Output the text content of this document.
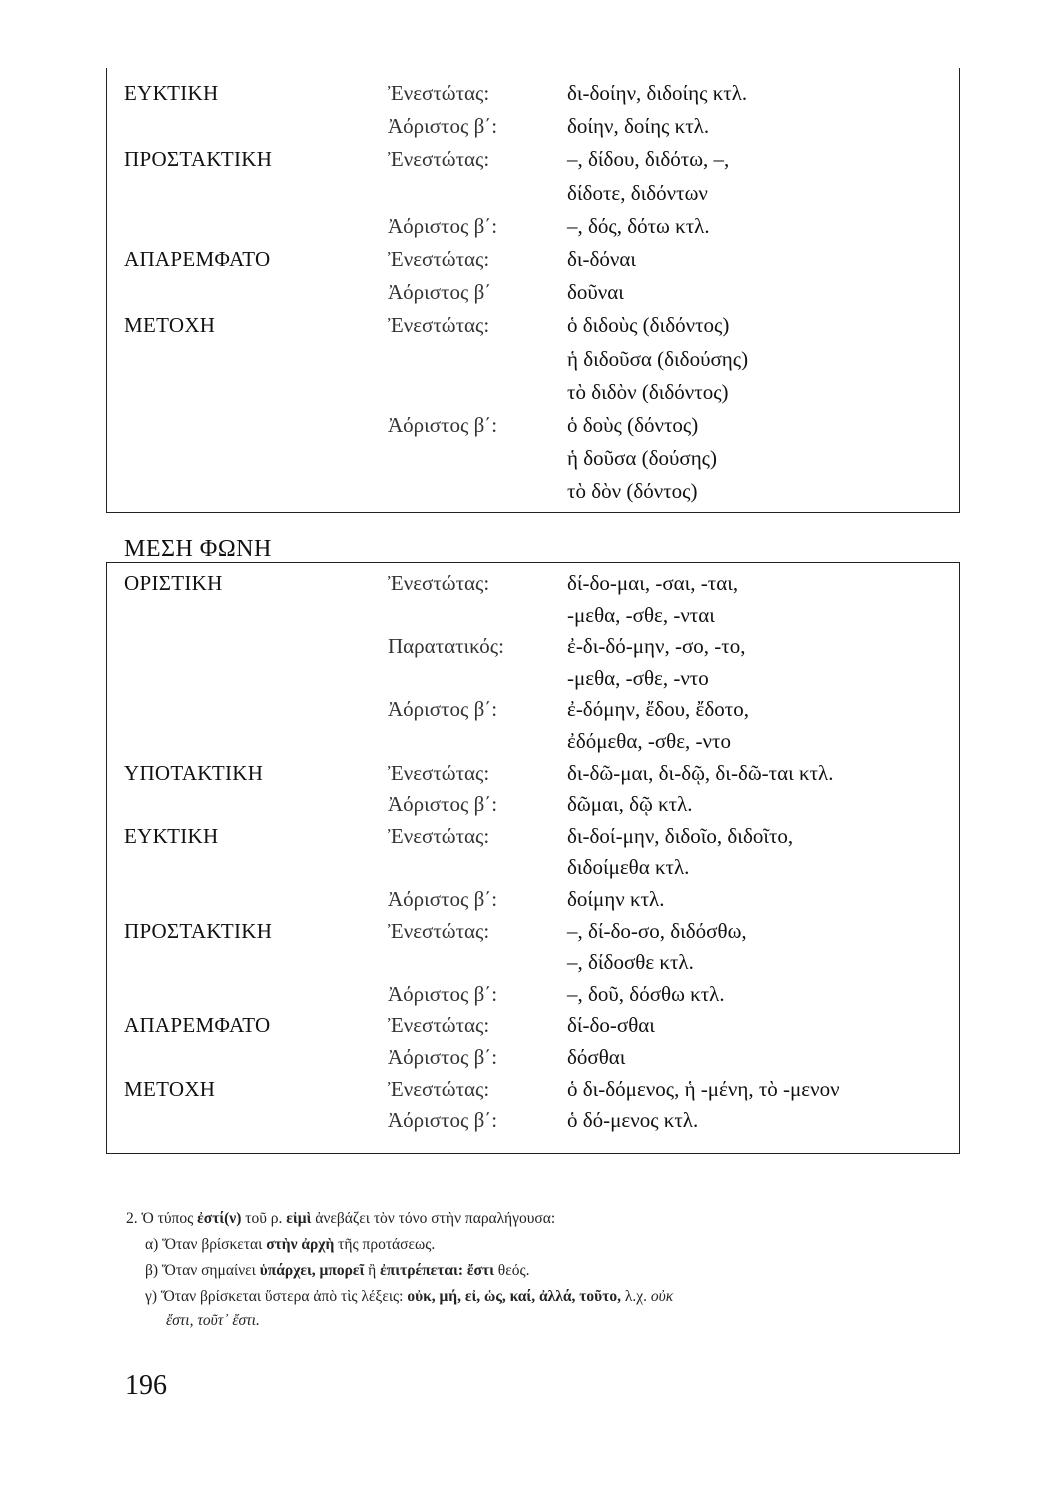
ΕΥΚΤΙΚΗ	Ἐνεστώτας:	δι-δοίην, διδοίης κτλ.
Ἀόριστος β΄:	δοίην, δοίης κτλ.
ΠΡΟΣΤΑΚΤΙΚΗ	Ἐνεστώτας:	–, δίδου, διδότω, –,
δίδοτε, διδόντων
Ἀόριστος β΄:	–, δός, δότω κτλ.
ΑΠΑΡΕΜΦΑΤΟ	Ἐνεστώτας:	δι-δόναι
Ἀόριστος β΄	δοῦναι
ΜΕΤΟΧΗ	Ἐνεστώτας:	ὁ διδοὺς (διδόντος)
ἡ διδοῦσα (διδούσης)
τὸ διδὸν (διδόντος)
Ἀόριστος β΄:	ὁ δοὺς (δόντος)
ἡ δοῦσα (δούσης)
τὸ δὸν (δόντος)
ΜΕΣΗ ΦΩΝΗ
ΟΡΙΣΤΙΚΗ	Ἐνεστώτας:	δί-δο-μαι, -σαι, -ται,
-μεθα, -σθε, -νται
Παρατατικός:	ἐ-δι-δό-μην, -σο, -το,
-μεθα, -σθε, -ντο
Ἀόριστος β΄:	ἐ-δόμην, ἔδου, ἔδοτο,
ἐδόμεθα, -σθε, -ντο
ΥΠΟΤΑΚΤΙΚΗ	Ἐνεστώτας:	δι-δῶ-μαι, δι-δῷ, δι-δῶ-ται κτλ.
Ἀόριστος β΄:	δῶμαι, δῷ κτλ.
ΕΥΚΤΙΚΗ	Ἐνεστώτας:	δι-δοί-μην, διδοῖο, διδοῖτο,
διδοίμεθα κτλ.
Ἀόριστος β΄:	δοίμην κτλ.
ΠΡΟΣΤΑΚΤΙΚΗ	Ἐνεστώτας:	–, δί-δο-σο, διδόσθω,
–, δίδοσθε κτλ.
Ἀόριστος β΄:	–, δοῦ, δόσθω κτλ.
ΑΠΑΡΕΜΦΑΤΟ	Ἐνεστώτας:	δί-δο-σθαι
Ἀόριστος β΄:	δόσθαι
ΜΕΤΟΧΗ	Ἐνεστώτας:	ὁ δι-δόμενος, ἡ -μένη, τὸ -μενον
Ἀόριστος β΄:	ὁ δό-μενος κτλ.
2. Ὁ τύπος ἐστί(ν) τοῦ ρ. εἰμὶ ἀνεβάζει τὸν τόνο στὴν παραλήγουσα:
α) Ὅταν βρίσκεται στὴν ἀρχὴ τῆς προτάσεως.
β) Ὅταν σημαίνει ὑπάρχει, μπορεῖ ἢ ἐπιτρέπεται: ἔστι θεός.
γ) Ὅταν βρίσκεται ὕστερα ἀπὸ τὶς λέξεις: οὐκ, μή, εἰ, ὡς, καί, ἀλλά, τοῦτο, λ.χ. οὐκ
ἔστι, τοῦτ᾽ ἔστι.
196
